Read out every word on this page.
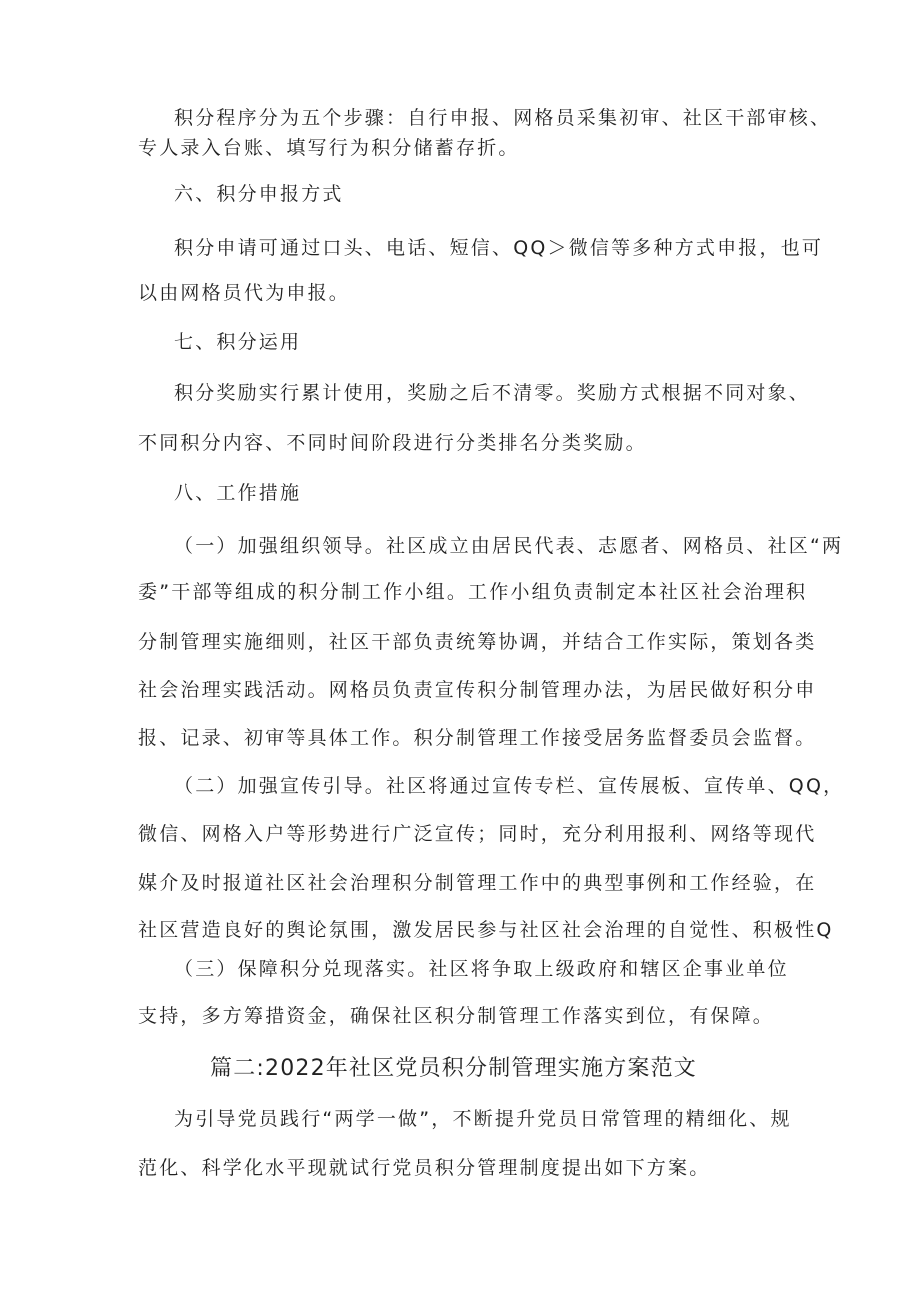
积分程序分为五个步骤：自行申报、网格员采集初审、社区干部审核、
专人录入台账、填写行为积分储蓄存折。
六、积分申报方式
积分申请可通过口头、电话、短信、QQ＞微信等多种方式申报，也可
以由网格员代为申报。
七、积分运用
积分奖励实行累计使用，奖励之后不清零。奖励方式根据不同对象、
不同积分内容、不同时间阶段进行分类排名分类奖励。
八、工作措施
（一）加强组织领导。社区成立由居民代表、志愿者、网格员、社区“两
委”干部等组成的积分制工作小组。工作小组负责制定本社区社会治理积
分制管理实施细则，社区干部负责统筹协调，并结合工作实际，策划各类
社会治理实践活动。网格员负责宣传积分制管理办法，为居民做好积分申
报、记录、初审等具体工作。积分制管理工作接受居务监督委员会监督。
（二）加强宣传引导。社区将通过宣传专栏、宣传展板、宣传单、QQ，
微信、网格入户等形势进行广泛宣传；同时，充分利用报利、网络等现代
媒介及时报道社区社会治理积分制管理工作中的典型事例和工作经验，在
社区营造良好的舆论氛围，激发居民参与社区社会治理的自觉性、积极性Q
（三）保障积分兑现落实。社区将争取上级政府和辖区企事业单位
支持，多方筹措资金，确保社区积分制管理工作落实到位，有保障。
篇二:2022年社区党员积分制管理实施方案范文
为引导党员践行“两学一做”，不断提升党员日常管理的精细化、规
范化、科学化水平现就试行党员积分管理制度提出如下方案。
